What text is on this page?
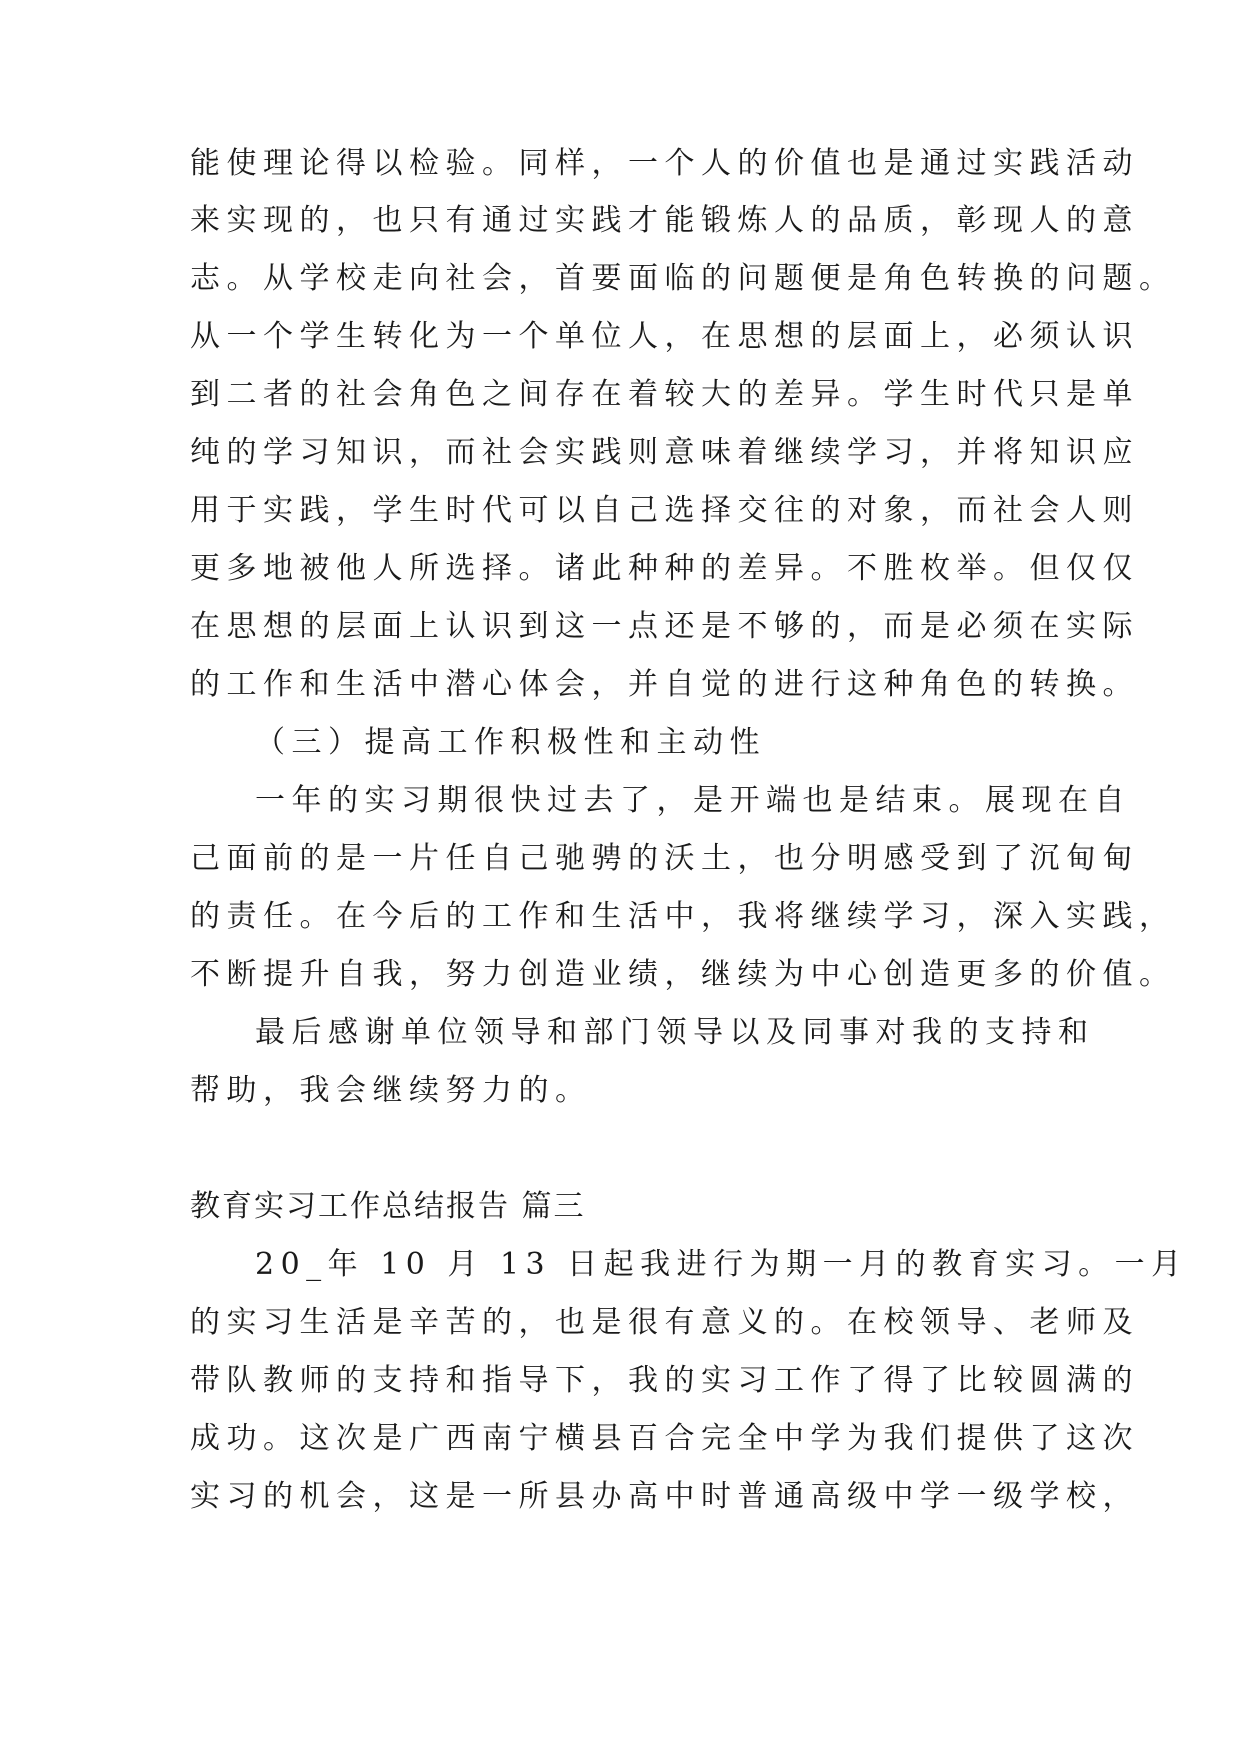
能使理论得以检验。同样，一个人的价值也是通过实践活动
来实现的，也只有通过实践才能锻炼人的品质，彰现人的意
志。从学校走向社会，首要面临的问题便是角色转换的问题。
从一个学生转化为一个单位人，在思想的层面上，必须认识
到二者的社会角色之间存在着较大的差异。学生时代只是单
纯的学习知识，而社会实践则意味着继续学习，并将知识应
用于实践，学生时代可以自己选择交往的对象，而社会人则
更多地被他人所选择。诸此种种的差异。不胜枚举。但仅仅
在思想的层面上认识到这一点还是不够的，而是必须在实际
的工作和生活中潜心体会，并自觉的进行这种角色的转换。
（三）提高工作积极性和主动性
一年的实习期很快过去了，是开端也是结束。展现在自
己面前的是一片任自己驰骋的沃土，也分明感受到了沉甸甸
的责任。在今后的工作和生活中，我将继续学习，深入实践，
不断提升自我，努力创造业绩，继续为中心创造更多的价值。
最后感谢单位领导和部门领导以及同事对我的支持和
帮助，我会继续努力的。
教育实习工作总结报告 篇三
20_年 10 月 13 日起我进行为期一月的教育实习。一月
的实习生活是辛苦的，也是很有意义的。在校领导、老师及
带队教师的支持和指导下，我的实习工作了得了比较圆满的
成功。这次是广西南宁横县百合完全中学为我们提供了这次
实习的机会，这是一所县办高中时普通高级中学一级学校，
